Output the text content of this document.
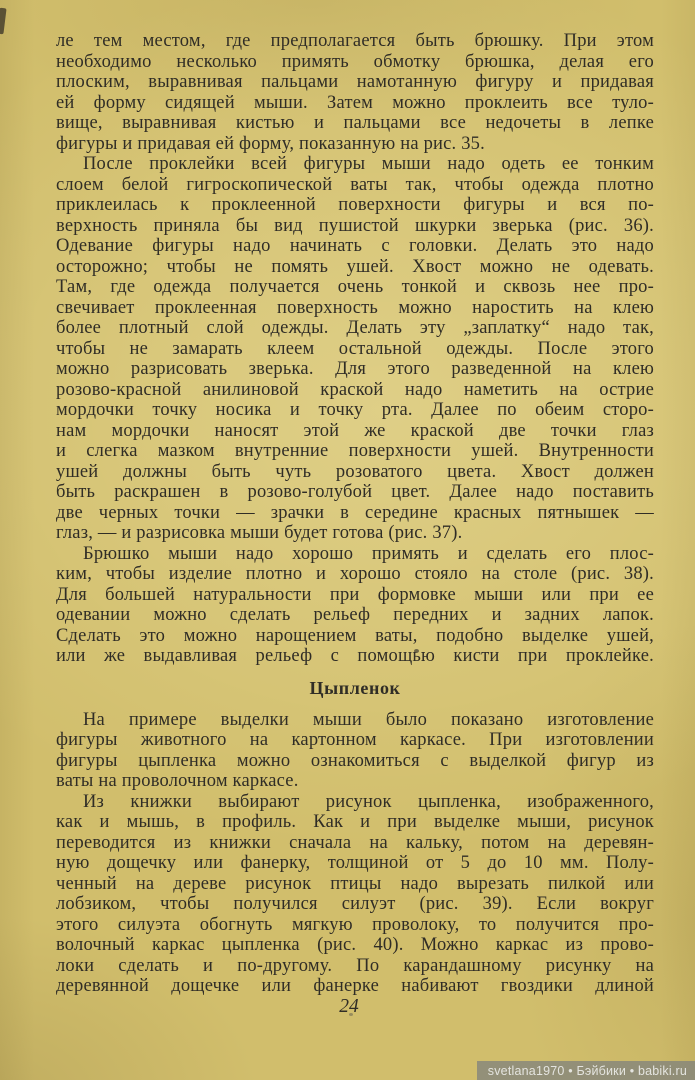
ле тем местом, где предполагается быть брюшку. При этом
необходимо несколько примять обмотку брюшка, делая его
плоским, выравнивая пальцами намотанную фигуру и придавая
ей форму сидящей мыши. Затем можно проклеить все туло-
вище, выравнивая кистью и пальцами все недочеты в лепке
фигуры и придавая ей форму, показанную на рис. 35.
После проклейки всей фигуры мыши надо одеть ее тонким
слоем белой гигроскопической ваты так, чтобы одежда плотно
приклеилась к проклеенной поверхности фигуры и вся по-
верхность приняла бы вид пушистой шкурки зверька (рис. 36).
Одевание фигуры надо начинать с головки. Делать это надо
осторожно; чтобы не помять ушей. Хвост можно не одевать.
Там, где одежда получается очень тонкой и сквозь нее про-
свечивает проклеенная поверхность можно наростить на клею
более плотный слой одежды. Делать эту „заплатку“ надо так,
чтобы не замарать клеем остальной одежды. После этого
можно разрисовать зверька. Для этого разведенной на клею
розово-красной анилиновой краской надо наметить на острие
мордочки точку носика и точку рта. Далее по обеим сторо-
нам мордочки наносят этой же краской две точки глаз
и слегка мазком внутренние поверхности ушей. Внутренности
ушей должны быть чуть розоватого цвета. Хвост должен
быть раскрашен в розово-голубой цвет. Далее надо поставить
две черных точки — зрачки в середине красных пятнышек —
глаз, — и разрисовка мыши будет готова (рис. 37).
Брюшко мыши надо хорошо примять и сделать его плос-
ким, чтобы изделие плотно и хорошо стояло на столе (рис. 38).
Для большей натуральности при формовке мыши или при ее
одевании можно сделать рельеф передних и задних лапок.
Сделать это можно нарощением ваты, подобно выделке ушей,
или же выдавливая рельеф с помощью кисти при проклейке.
Цыпленок
На примере выделки мыши было показано изготовление
фигуры животного на картонном каркасе. При изготовлении
фигуры цыпленка можно ознакомиться с выделкой фигур из
ваты на проволочном каркасе.
Из книжки выбирают рисунок цыпленка, изображенного,
как и мышь, в профиль. Как и при выделке мыши, рисунок
переводится из книжки сначала на кальку, потом на деревян-
ную дощечку или фанерку, толщиной от 5 до 10 мм. Полу-
ченный на дереве рисунок птицы надо вырезать пилкой или
лобзиком, чтобы получился силуэт (рис. 39). Если вокруг
этого силуэта обогнуть мягкую проволоку, то получится про-
волочный каркас цыпленка (рис. 40). Можно каркас из прово-
локи сделать и по-другому. По карандашному рисунку на
деревянной дощечке или фанерке набивают гвоздики длиной
24
svetlana1970 • Бэйбики • babiki.ru
